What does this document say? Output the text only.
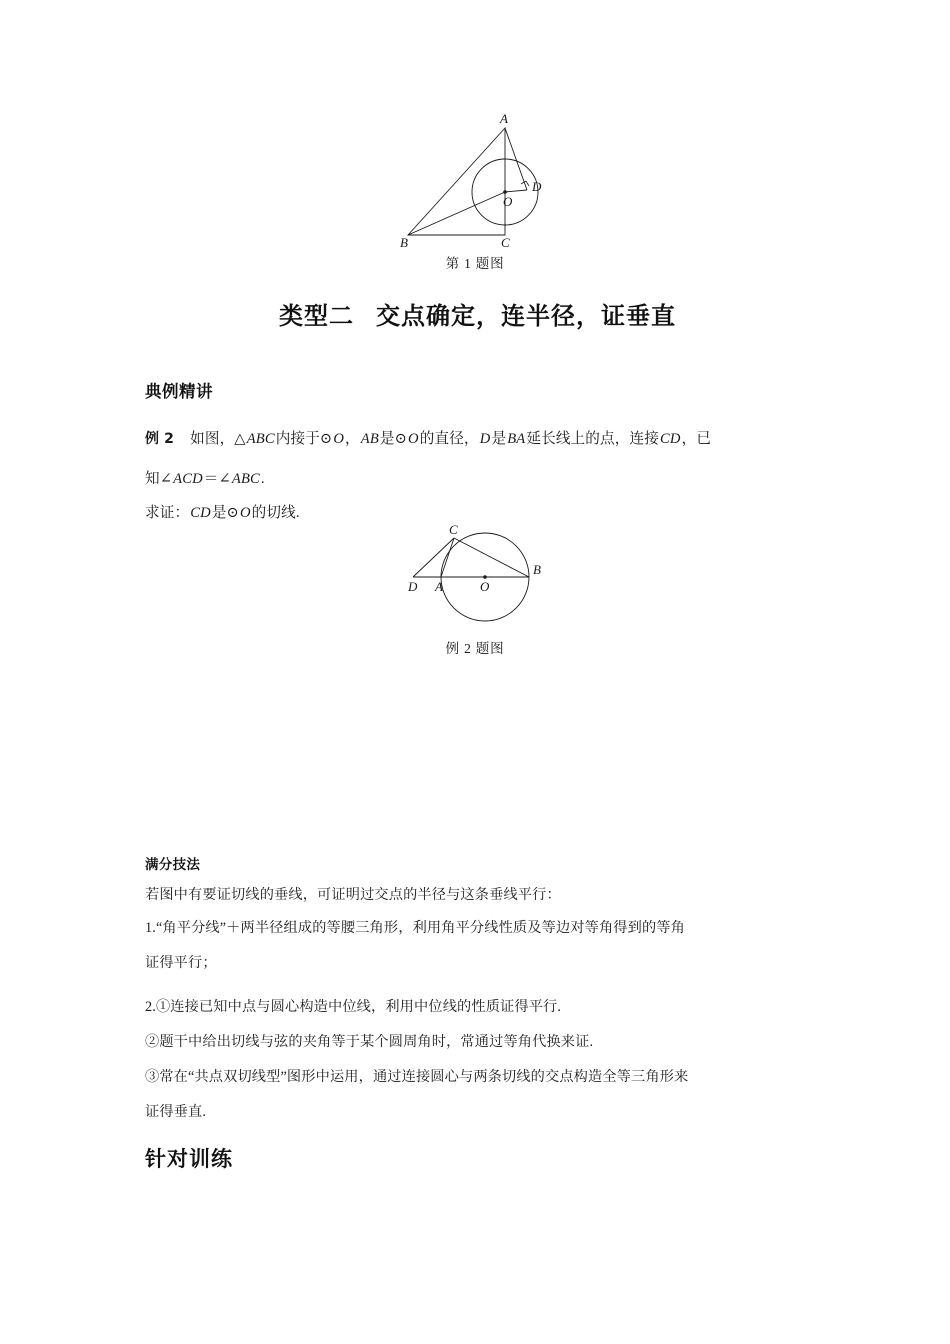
A
B	C
D
O
第 1 题图
C
B
D A	O
例 2 题图
类型二 交点确定，连半径，证垂直
典例精讲
例 2 如图，△ABC内接于⊙O，AB是⊙O的直径，D是BA延长线上的点，连接CD，已
知∠ACD＝∠ABC.
求证：CD是⊙O的切线.
满分技法
若图中有要证切线的垂线，可证明过交点的半径与这条垂线平行：
1.“角平分线”＋两半径组成的等腰三角形，利用角平分线性质及等边对等角得到的等角
证得平行；
2.①连接已知中点与圆心构造中位线，利用中位线的性质证得平行.
②题干中给出切线与弦的夹角等于某个圆周角时，常通过等角代换来证.
③常在“共点双切线型”图形中运用，通过连接圆心与两条切线的交点构造全等三角形来
证得垂直.
针对训练
